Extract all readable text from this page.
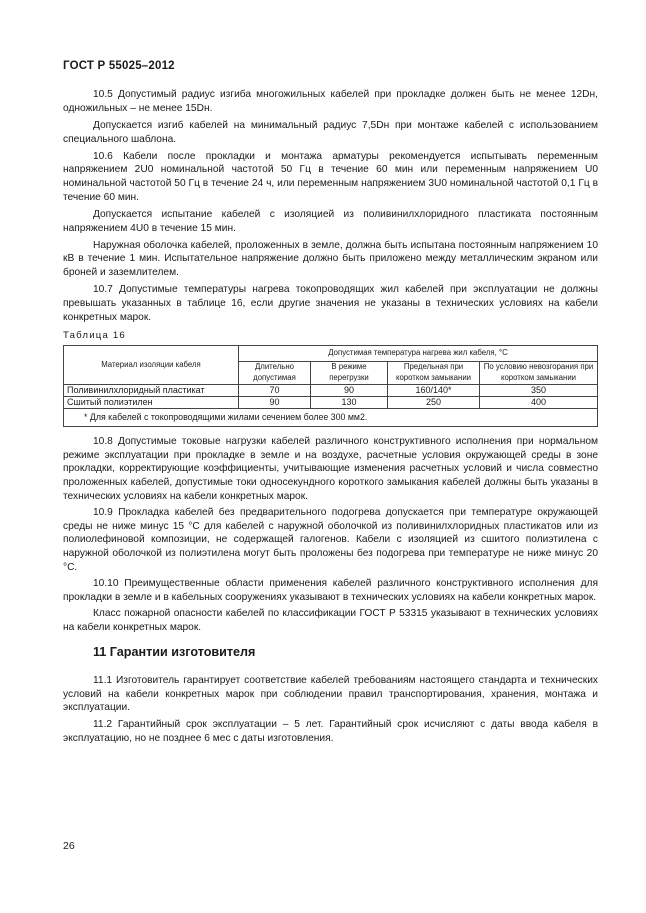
ГОСТ Р 55025–2012

10.5 Допустимый радиус изгиба многожильных кабелей при прокладке должен быть не менее 12Dн, одножильных – не менее 15Dн.

Допускается изгиб кабелей на минимальный радиус 7,5Dн при монтаже кабелей с использованием специального шаблона.

10.6 Кабели после прокладки и монтажа арматуры рекомендуется испытывать переменным напряжением 2U0 номинальной частотой 50 Гц в течение 60 мин или переменным напряжением U0 номинальной частотой 50 Гц в течение 24 ч, или переменным напряжением 3U0 номинальной частотой 0,1 Гц в течение 60 мин.

Допускается испытание кабелей с изоляцией из поливинилхлоридного пластиката постоянным напряжением 4U0 в течение 15 мин.

Наружная оболочка кабелей, проложенных в земле, должна быть испытана постоянным напряжением 10 кВ в течение 1 мин. Испытательное напряжение должно быть приложено между металлическим экраном или броней и заземлителем.

10.7 Допустимые температуры нагрева токопроводящих жил кабелей при эксплуатации не должны превышать указанных в таблице 16, если другие значения не указаны в технических условиях на кабели конкретных марок.

Таблица 16
Материал изоляции кабеля	Допустимая температура нагрева жил кабеля, °С			
	Длительно допустимая	В режиме перегрузки	Предельная при коротком замыкании	По условию невозгорания при коротком замыкании
Поливинилхлоридный пластикат	70	90	160/140*	350
Сшитый полиэтилен	90	130	250	400
* Для кабелей с токопроводящими жилами сечением более 300 мм2.				

10.8 Допустимые токовые нагрузки кабелей различного конструктивного исполнения при нормальном режиме эксплуатации при прокладке в земле и на воздухе, расчетные условия окружающей среды в зоне прокладки, корректирующие коэффициенты, учитывающие изменения расчетных условий и числа совместно проложенных кабелей, допустимые токи односекундного короткого замыкания кабелей должны быть указаны в технических условиях на кабели конкретных марок.

10.9 Прокладка кабелей без предварительного подогрева допускается при температуре окружающей среды не ниже минус 15 °С для кабелей с наружной оболочкой из поливинилхлоридных пластикатов или из полиолефиновой композиции, не содержащей галогенов. Кабели с изоляцией из сшитого полиэтилена с наружной оболочкой из полиэтилена могут быть проложены без подогрева при температуре не ниже минус 20 °С.

10.10 Преимущественные области применения кабелей различного конструктивного исполнения для прокладки в земле и в кабельных сооружениях указывают в технических условиях на кабели конкретных марок.

Класс пожарной опасности кабелей по классификации ГОСТ Р 53315 указывают в технических условиях на кабели конкретных марок.

11 Гарантии изготовителя

11.1 Изготовитель гарантирует соответствие кабелей требованиям настоящего стандарта и технических условий на кабели конкретных марок при соблюдении правил транспортирования, хранения, монтажа и эксплуатации.

11.2 Гарантийный срок эксплуатации – 5 лет. Гарантийный срок исчисляют с даты ввода кабеля в эксплуатацию, но не позднее 6 мес с даты изготовления.

26
